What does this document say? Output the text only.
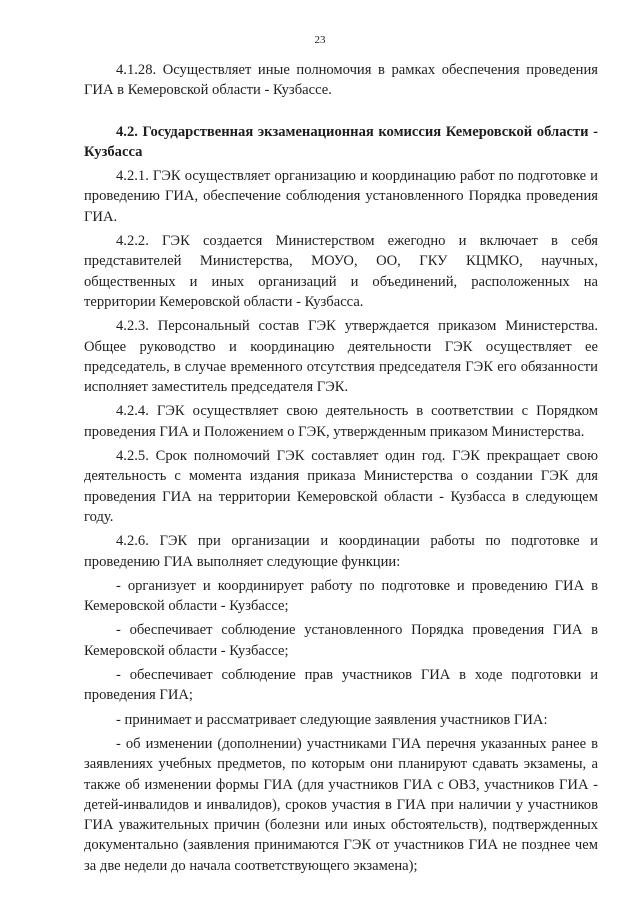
23

4.1.28. Осуществляет иные полномочия в рамках обеспечения проведения ГИА в Кемеровской области - Кузбассе.

4.2. Государственная экзаменационная комиссия Кемеровской области - Кузбасса

4.2.1. ГЭК осуществляет организацию и координацию работ по подготовке и проведению ГИА, обеспечение соблюдения установленного Порядка проведения ГИА.

4.2.2. ГЭК создается Министерством ежегодно и включает в себя представителей Министерства, МОУО, ОО, ГКУ КЦМКО, научных, общественных и иных организаций и объединений, расположенных на территории Кемеровской области - Кузбасса.

4.2.3. Персональный состав ГЭК утверждается приказом Министерства. Общее руководство и координацию деятельности ГЭК осуществляет ее председатель, в случае временного отсутствия председателя ГЭК его обязанности исполняет заместитель председателя ГЭК.

4.2.4. ГЭК осуществляет свою деятельность в соответствии с Порядком проведения ГИА и Положением о ГЭК, утвержденным приказом Министерства.

4.2.5. Срок полномочий ГЭК составляет один год. ГЭК прекращает свою деятельность с момента издания приказа Министерства о создании ГЭК для проведения ГИА на территории Кемеровской области - Кузбасса в следующем году.

4.2.6. ГЭК при организации и координации работы по подготовке и проведению ГИА выполняет следующие функции:

- организует и координирует работу по подготовке и проведению ГИА в Кемеровской области - Кузбассе;

- обеспечивает соблюдение установленного Порядка проведения ГИА в Кемеровской области - Кузбассе;

- обеспечивает соблюдение прав участников ГИА в ходе подготовки и проведения ГИА;

- принимает и рассматривает следующие заявления участников ГИА:

- об изменении (дополнении) участниками ГИА перечня указанных ранее в заявлениях учебных предметов, по которым они планируют сдавать экзамены, а также об изменении формы ГИА (для участников ГИА с ОВЗ, участников ГИА - детей-инвалидов и инвалидов), сроков участия в ГИА при наличии у участников ГИА уважительных причин (болезни или иных обстоятельств), подтвержденных документально (заявления принимаются ГЭК от участников ГИА не позднее чем за две недели до начала соответствующего экзамена);
